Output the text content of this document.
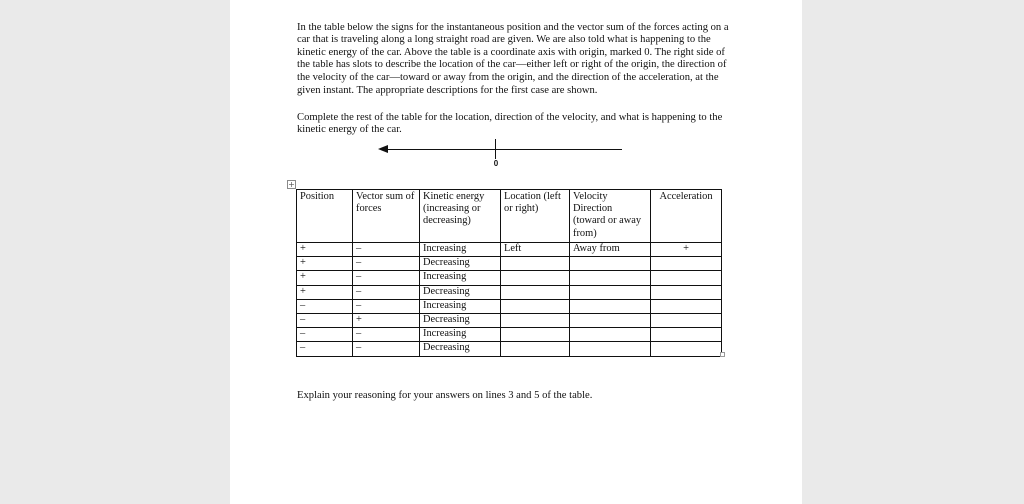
In the table below the signs for the instantaneous position and the vector sum of the forces acting on a car that is traveling along a long straight road are given. We are also told what is happening to the kinetic energy of the car. Above the table is a coordinate axis with origin, marked 0. The right side of the table has slots to describe the location of the car—either left or right of the origin, the direction of the velocity of the car—toward or away from the origin, and the direction of the acceleration, at the given instant. The appropriate descriptions for the first case are shown.

Complete the rest of the table for the location, direction of the velocity, and what is happening to the kinetic energy of the car.

0
+
Position	Vector sum of forces	Kinetic energy (increasing or decreasing)	Location (left or right)	Velocity Direction (toward or away from)	Acceleration
+	–	Increasing	Left	Away from	+
+	–	Decreasing			
+	–	Increasing			
+	–	Decreasing			
–	–	Increasing			
–	+	Decreasing			
–	–	Increasing			
–	–	Decreasing			

Explain your reasoning for your answers on lines 3 and 5 of the table.
